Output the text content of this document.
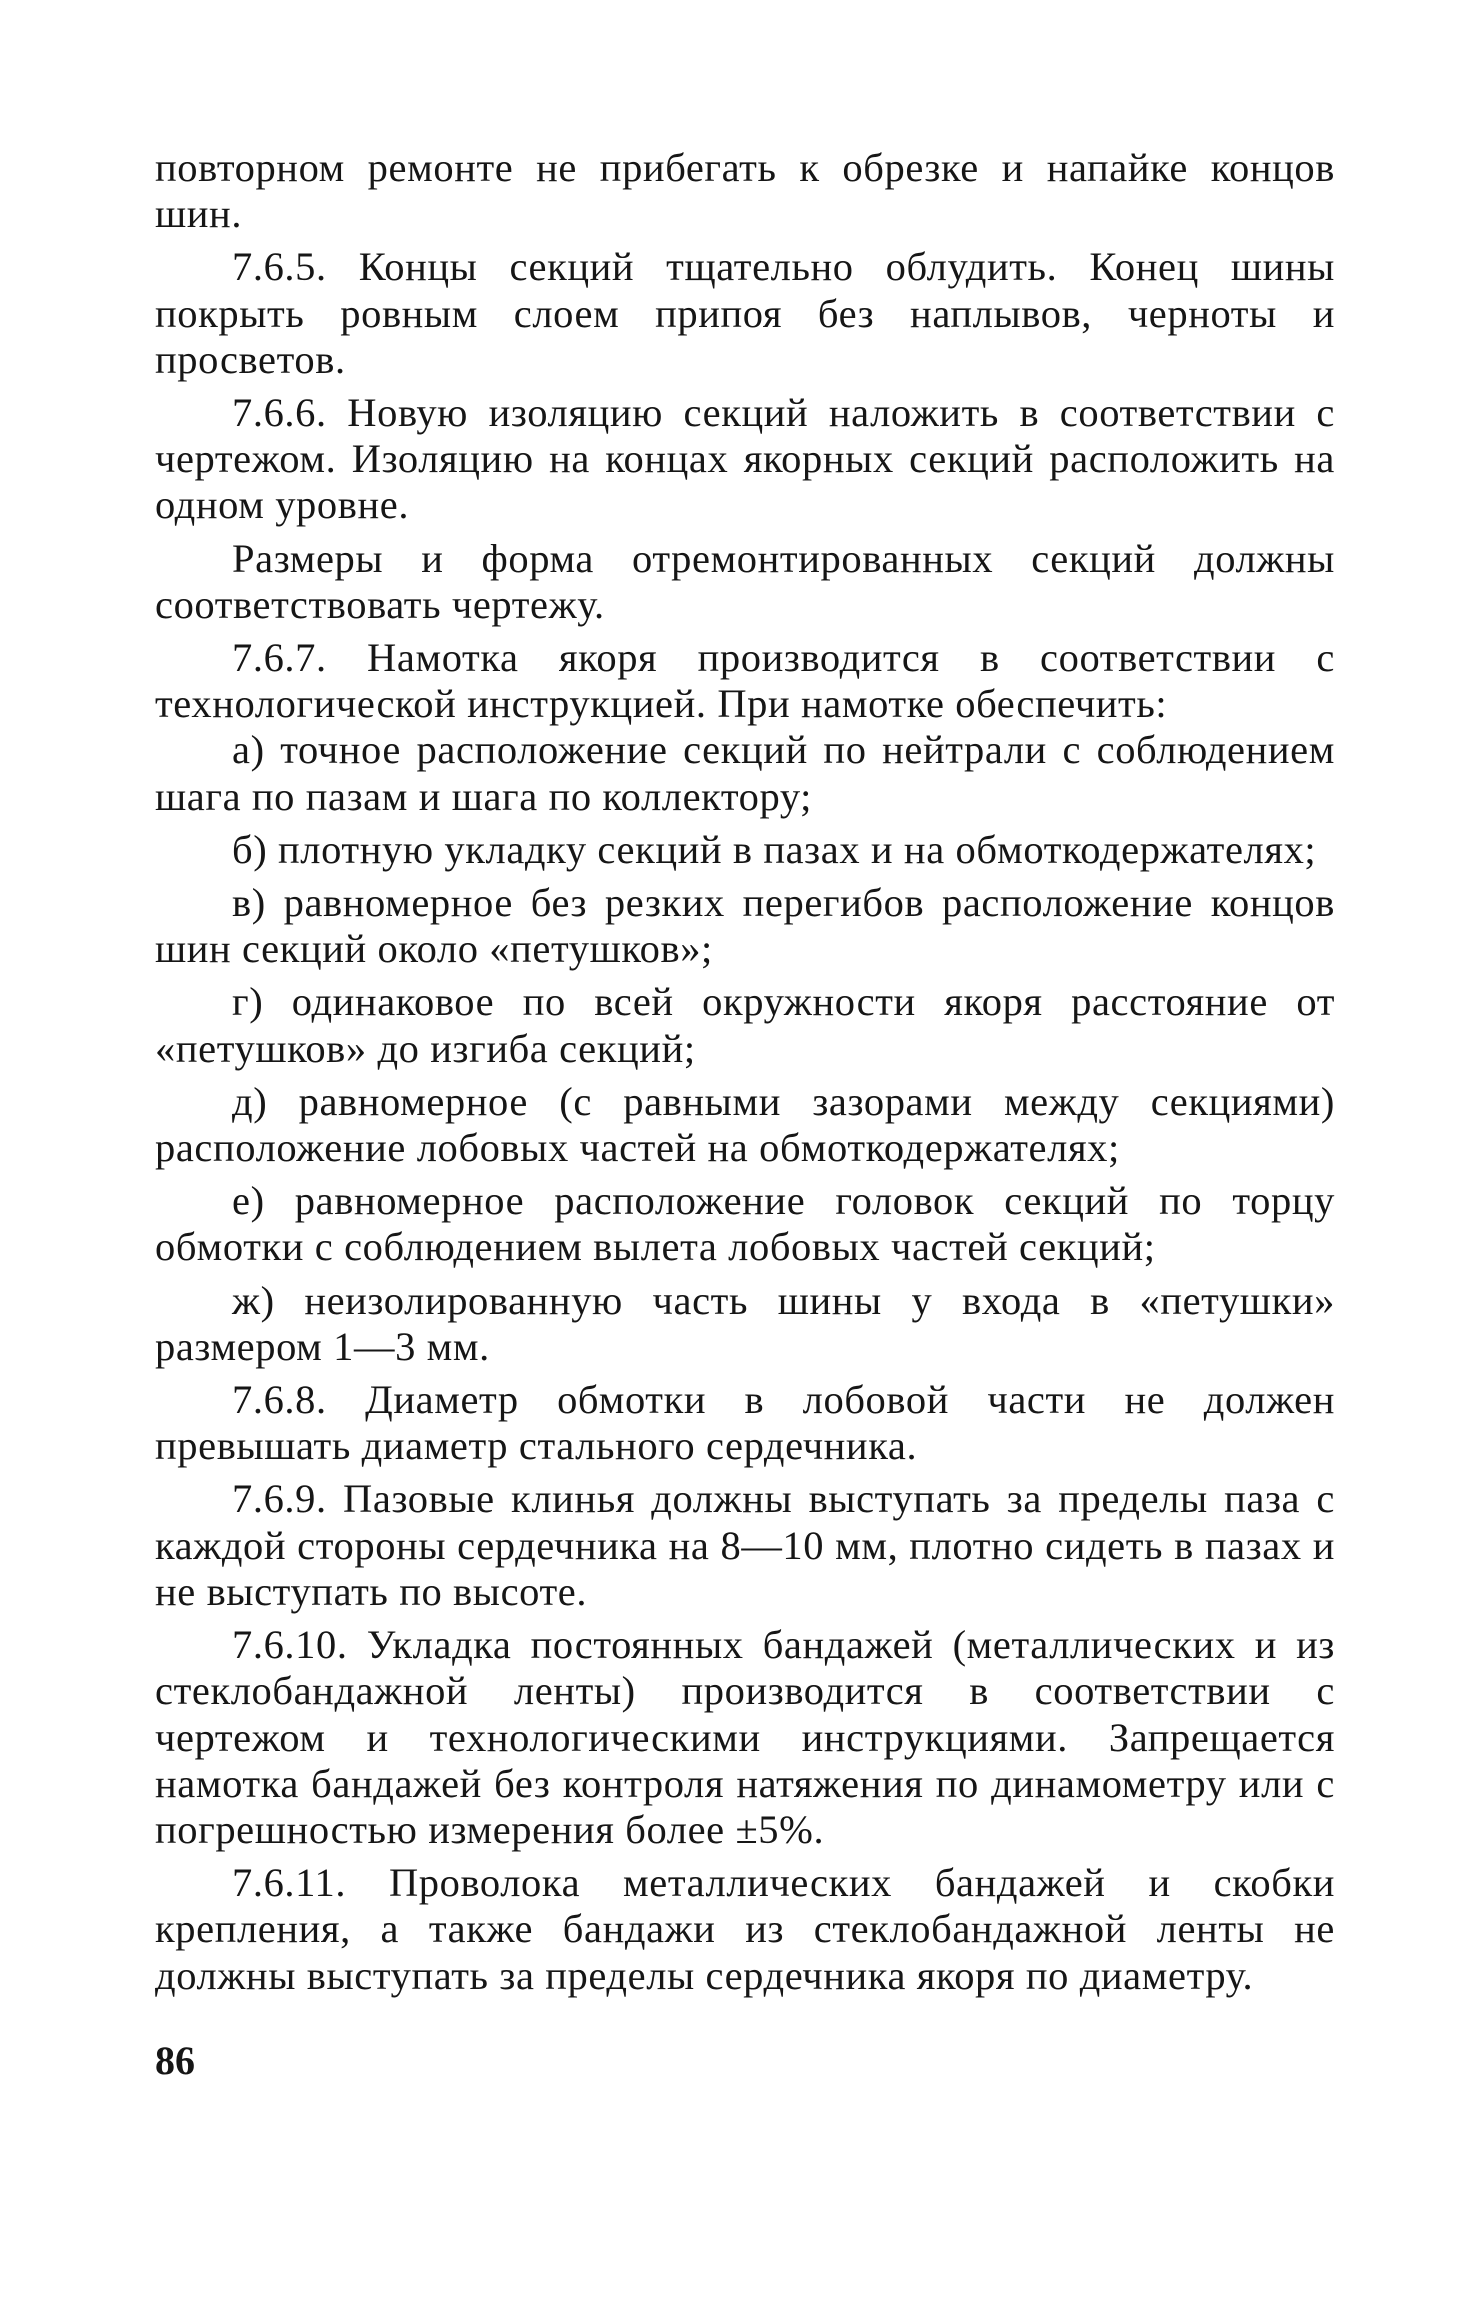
повторном ремонте не прибегать к обрезке и напайке концов шин.

7.6.5. Концы секций тщательно облудить. Конец шины покрыть ровным слоем припоя без наплывов, черноты и просветов.

7.6.6. Новую изоляцию секций наложить в соответствии с чертежом. Изоляцию на концах якорных секций расположить на одном уровне.

Размеры и форма отремонтированных секций должны соответствовать чертежу.

7.6.7. Намотка якоря производится в соответствии с технологической инструкцией. При намотке обеспечить:

а) точное расположение секций по нейтрали с соблюдением шага по пазам и шага по коллектору;

б) плотную укладку секций в пазах и на обмоткодержателях;

в) равномерное без резких перегибов расположение концов шин секций около «петушков»;

г) одинаковое по всей окружности якоря расстояние от «петушков» до изгиба секций;

д) равномерное (с равными зазорами между секциями) расположение лобовых частей на обмоткодержателях;

е) равномерное расположение головок секций по торцу обмотки с соблюдением вылета лобовых частей секций;

ж) неизолированную часть шины у входа в «петушки» размером 1—3 мм.

7.6.8. Диаметр обмотки в лобовой части не должен превышать диаметр стального сердечника.

7.6.9. Пазовые клинья должны выступать за пределы паза с каждой стороны сердечника на 8—10 мм, плотно сидеть в пазах и не выступать по высоте.

7.6.10. Укладка постоянных бандажей (металлических и из стеклобандажной ленты) производится в соответствии с чертежом и технологическими инструкциями. Запрещается намотка бандажей без контроля натяжения по динамометру или с погрешностью измерения более ±5%.

7.6.11. Проволока металлических бандажей и скобки крепления, а также бандажи из стеклобандажной ленты не должны выступать за пределы сердечника якоря по диаметру.

86
